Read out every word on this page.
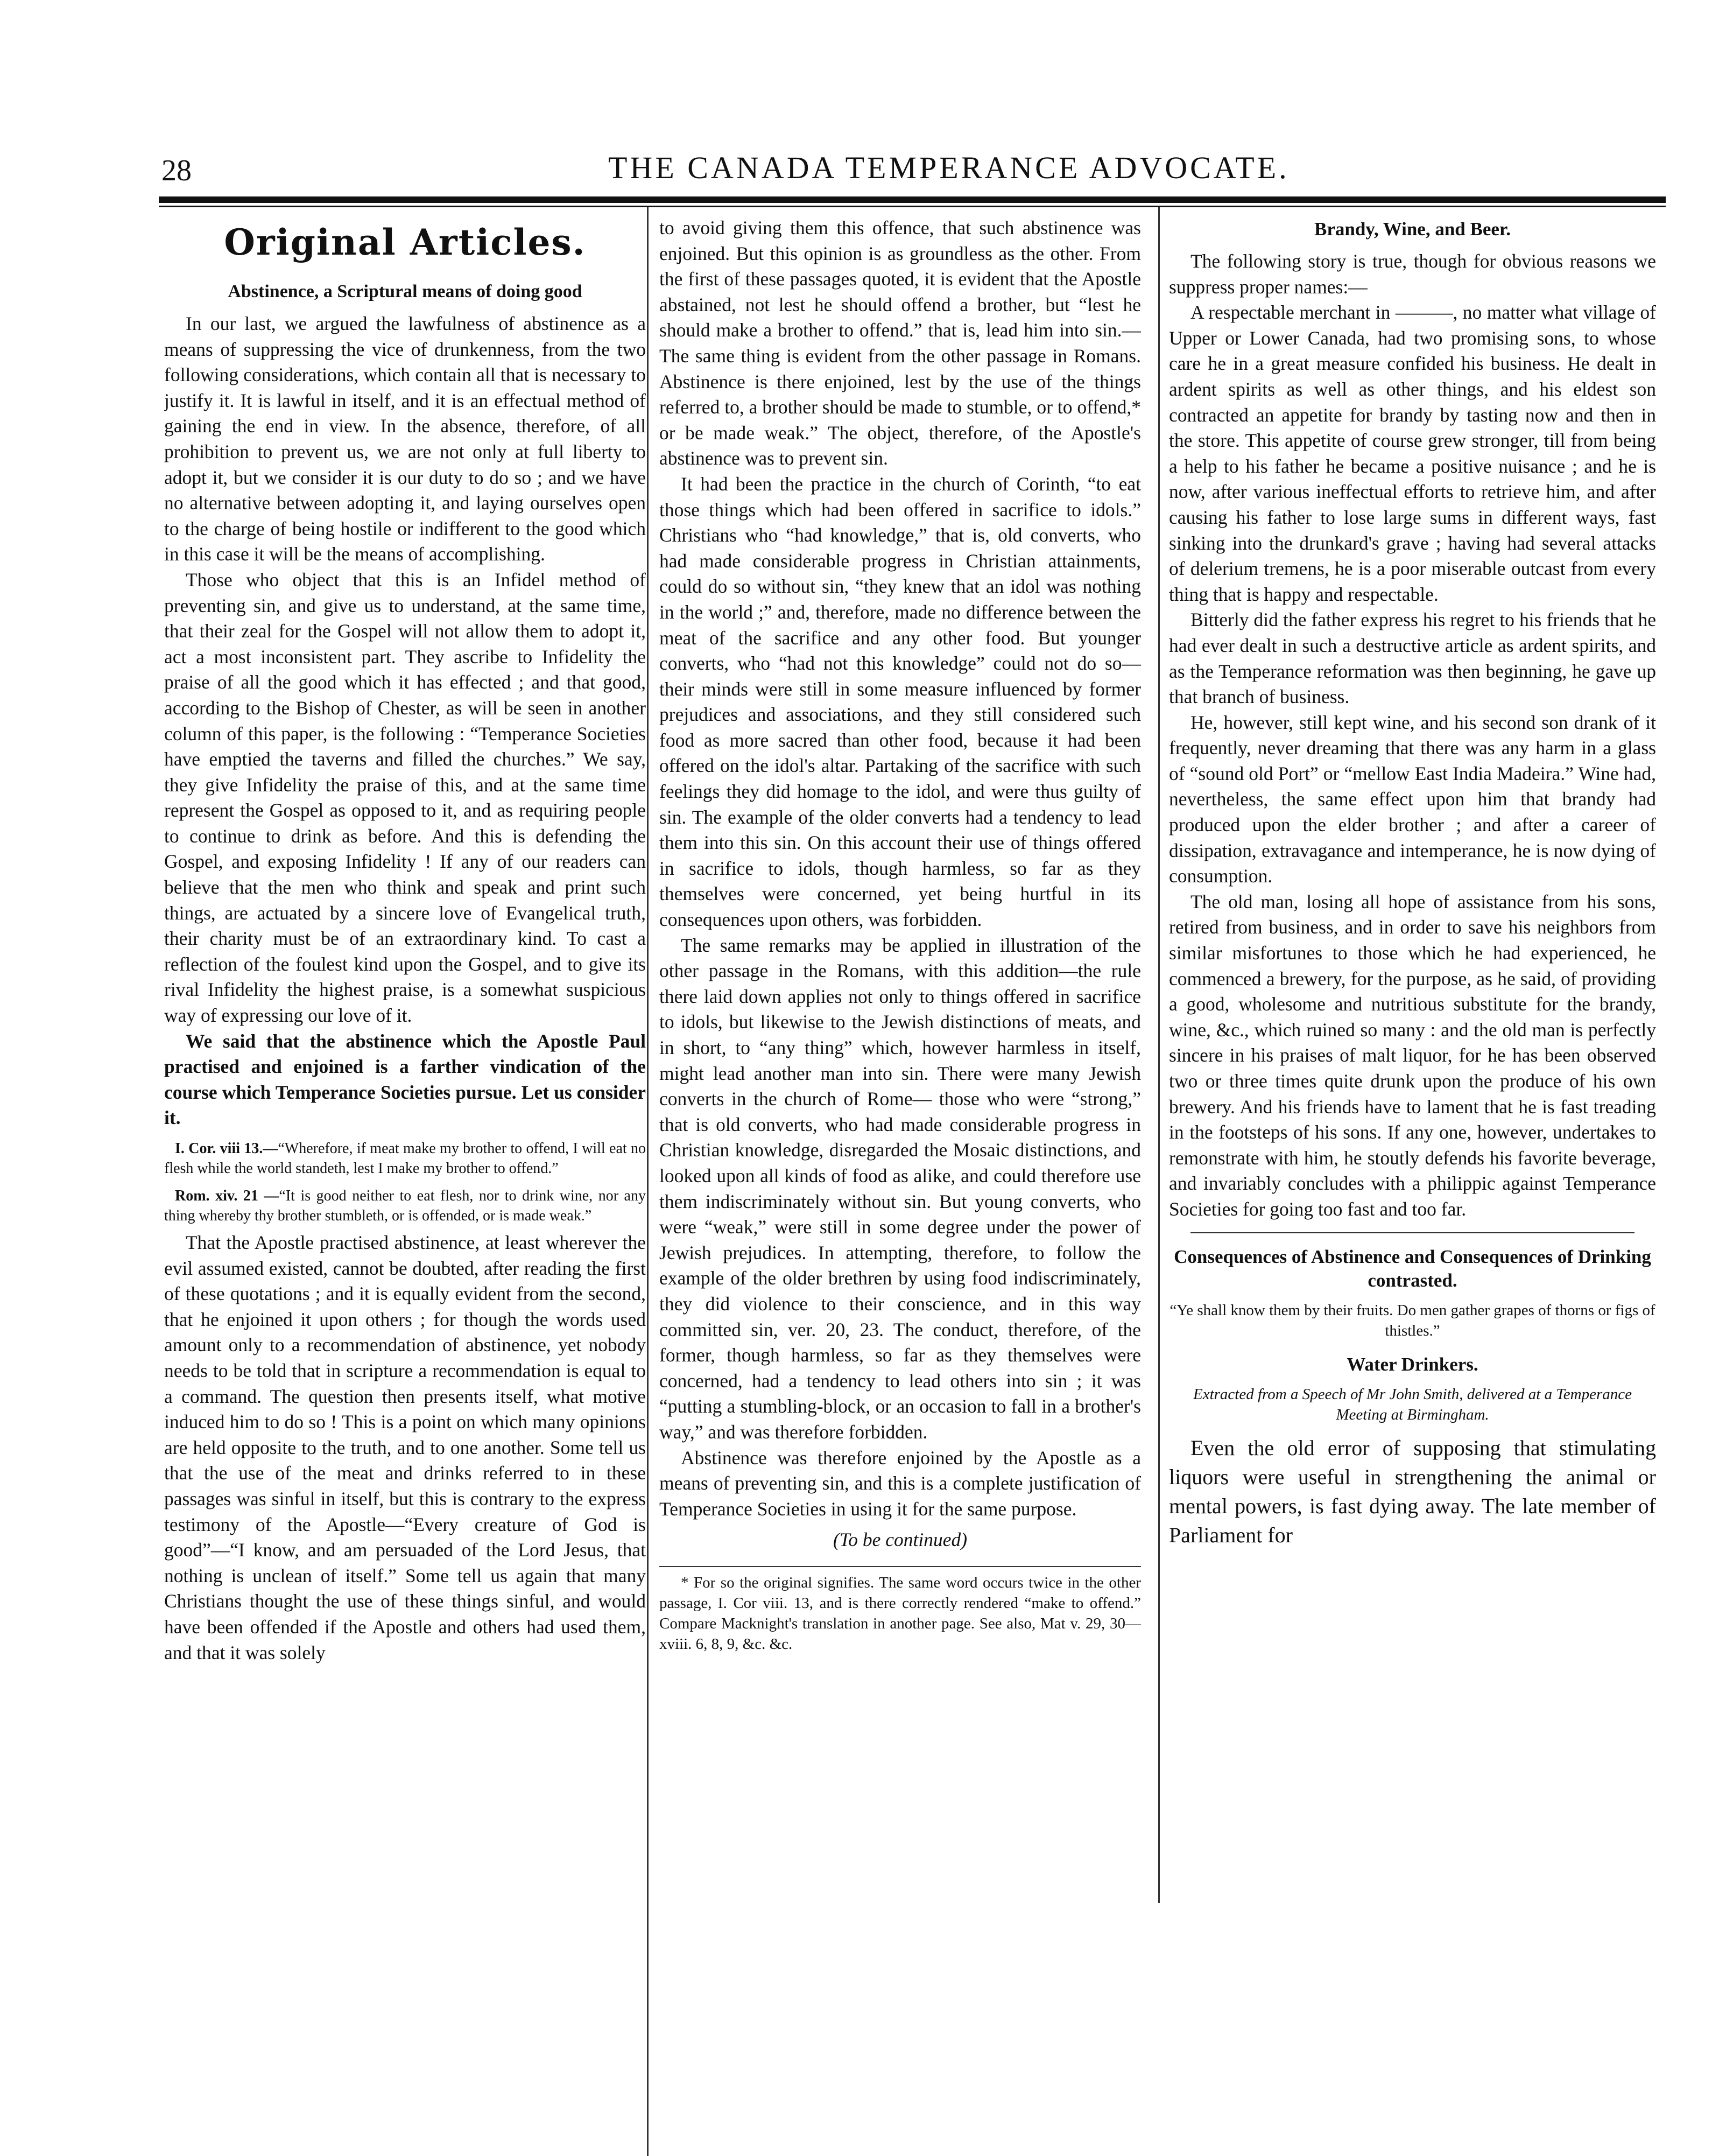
28	THE CANADA TEMPERANCE ADVOCATE.
Original Articles.
Abstinence, a Scriptural means of doing good

In our last, we argued the lawfulness of abstinence as a means of suppressing the vice of drunkenness, from the two following considerations, which contain all that is necessary to justify it. It is lawful in itself, and it is an effectual method of gaining the end in view. In the absence, therefore, of all prohibition to prevent us, we are not only at full liberty to adopt it, but we consider it is our duty to do so ; and we have no alternative between adopting it, and laying ourselves open to the charge of being hostile or indifferent to the good which in this case it will be the means of accomplishing.

Those who object that this is an Infidel method of preventing sin, and give us to understand, at the same time, that their zeal for the Gospel will not allow them to adopt it, act a most inconsistent part. They ascribe to Infidelity the praise of all the good which it has effected ; and that good, according to the Bishop of Chester, as will be seen in another column of this paper, is the following : “Temperance Societies have emptied the taverns and filled the churches.” We say, they give Infidelity the praise of this, and at the same time represent the Gospel as opposed to it, and as requiring people to continue to drink as before. And this is defending the Gospel, and exposing Infidelity ! If any of our readers can believe that the men who think and speak and print such things, are actuated by a sincere love of Evangelical truth, their charity must be of an extraordinary kind. To cast a reflection of the foulest kind upon the Gospel, and to give its rival Infidelity the highest praise, is a somewhat suspicious way of expressing our love of it.

We said that the abstinence which the Apostle Paul practised and enjoined is a farther vindication of the course which Temperance Societies pursue. Let us consider it.

I. Cor. viii 13.—“Wherefore, if meat make my brother to offend, I will eat no flesh while the world standeth, lest I make my brother to offend.”

Rom. xiv. 21 —“It is good neither to eat flesh, nor to drink wine, nor any thing whereby thy brother stumbleth, or is offended, or is made weak.”

That the Apostle practised abstinence, at least wherever the evil assumed existed, cannot be doubted, after reading the first of these quotations ; and it is equally evident from the second, that he enjoined it upon others ; for though the words used amount only to a recommendation of abstinence, yet nobody needs to be told that in scripture a recommendation is equal to a command. The question then presents itself, what motive induced him to do so ! This is a point on which many opinions are held opposite to the truth, and to one another. Some tell us that the use of the meat and drinks referred to in these passages was sinful in itself, but this is contrary to the express testimony of the Apostle—“Every creature of God is good”—“I know, and am persuaded of the Lord Jesus, that nothing is unclean of itself.” Some tell us again that many Christians thought the use of these things sinful, and would have been offended if the Apostle and others had used them, and that it was solely

to avoid giving them this offence, that such abstinence was enjoined. But this opinion is as groundless as the other. From the first of these passages quoted, it is evident that the Apostle abstained, not lest he should offend a brother, but “lest he should make a brother to offend.” that is, lead him into sin.— The same thing is evident from the other passage in Romans. Abstinence is there enjoined, lest by the use of the things referred to, a brother should be made to stumble, or to offend,* or be made weak.” The object, therefore, of the Apostle's abstinence was to prevent sin.

It had been the practice in the church of Corinth, “to eat those things which had been offered in sacrifice to idols.” Christians who “had knowledge,” that is, old converts, who had made considerable progress in Christian attainments, could do so without sin, “they knew that an idol was nothing in the world ;” and, therefore, made no difference between the meat of the sacrifice and any other food. But younger converts, who “had not this knowledge” could not do so— their minds were still in some measure influenced by former prejudices and associations, and they still considered such food as more sacred than other food, because it had been offered on the idol's altar. Partaking of the sacrifice with such feelings they did homage to the idol, and were thus guilty of sin. The example of the older converts had a tendency to lead them into this sin. On this account their use of things offered in sacrifice to idols, though harmless, so far as they themselves were concerned, yet being hurtful in its consequences upon others, was forbidden.

The same remarks may be applied in illustration of the other passage in the Romans, with this addition—the rule there laid down applies not only to things offered in sacrifice to idols, but likewise to the Jewish distinctions of meats, and in short, to “any thing” which, however harmless in itself, might lead another man into sin. There were many Jewish converts in the church of Rome— those who were “strong,” that is old converts, who had made considerable progress in Christian knowledge, disregarded the Mosaic distinctions, and looked upon all kinds of food as alike, and could therefore use them indiscriminately without sin. But young converts, who were “weak,” were still in some degree under the power of Jewish prejudices. In attempting, therefore, to follow the example of the older brethren by using food indiscriminately, they did violence to their conscience, and in this way committed sin, ver. 20, 23. The conduct, therefore, of the former, though harmless, so far as they themselves were concerned, had a tendency to lead others into sin ; it was “putting a stumbling-block, or an occasion to fall in a brother's way,” and was therefore forbidden.

Abstinence was therefore enjoined by the Apostle as a means of preventing sin, and this is a complete justification of Temperance Societies in using it for the same purpose.

(To be continued)

* For so the original signifies. The same word occurs twice in the other passage, I. Cor viii. 13, and is there correctly rendered “make to offend.” Compare Macknight's translation in another page. See also, Mat v. 29, 30—xviii. 6, 8, 9, &c. &c.

Brandy, Wine, and Beer.

The following story is true, though for obvious reasons we suppress proper names:—

A respectable merchant in ———, no matter what village of Upper or Lower Canada, had two promising sons, to whose care he in a great measure confided his business. He dealt in ardent spirits as well as other things, and his eldest son contracted an appetite for brandy by tasting now and then in the store. This appetite of course grew stronger, till from being a help to his father he became a positive nuisance ; and he is now, after various ineffectual efforts to retrieve him, and after causing his father to lose large sums in different ways, fast sinking into the drunkard's grave ; having had several attacks of delerium tremens, he is a poor miserable outcast from every thing that is happy and respectable.

Bitterly did the father express his regret to his friends that he had ever dealt in such a destructive article as ardent spirits, and as the Temperance reformation was then beginning, he gave up that branch of business.

He, however, still kept wine, and his second son drank of it frequently, never dreaming that there was any harm in a glass of “sound old Port” or “mellow East India Madeira.” Wine had, nevertheless, the same effect upon him that brandy had produced upon the elder brother ; and after a career of dissipation, extravagance and intemperance, he is now dying of consumption.

The old man, losing all hope of assistance from his sons, retired from business, and in order to save his neighbors from similar misfortunes to those which he had experienced, he commenced a brewery, for the purpose, as he said, of providing a good, wholesome and nutritious substitute for the brandy, wine, &c., which ruined so many : and the old man is perfectly sincere in his praises of malt liquor, for he has been observed two or three times quite drunk upon the produce of his own brewery. And his friends have to lament that he is fast treading in the footsteps of his sons. If any one, however, undertakes to remonstrate with him, he stoutly defends his favorite beverage, and invariably concludes with a philippic against Temperance Societies for going too fast and too far.

Consequences of Abstinence and Consequences of Drinking contrasted.

“Ye shall know them by their fruits. Do men gather grapes of thorns or figs of thistles.”

Water Drinkers.

Extracted from a Speech of Mr John Smith, delivered at a Temperance Meeting at Birmingham.

Even the old error of supposing that stimulating liquors were useful in strengthening the animal or mental powers, is fast dying away. The late member of Parliament for
